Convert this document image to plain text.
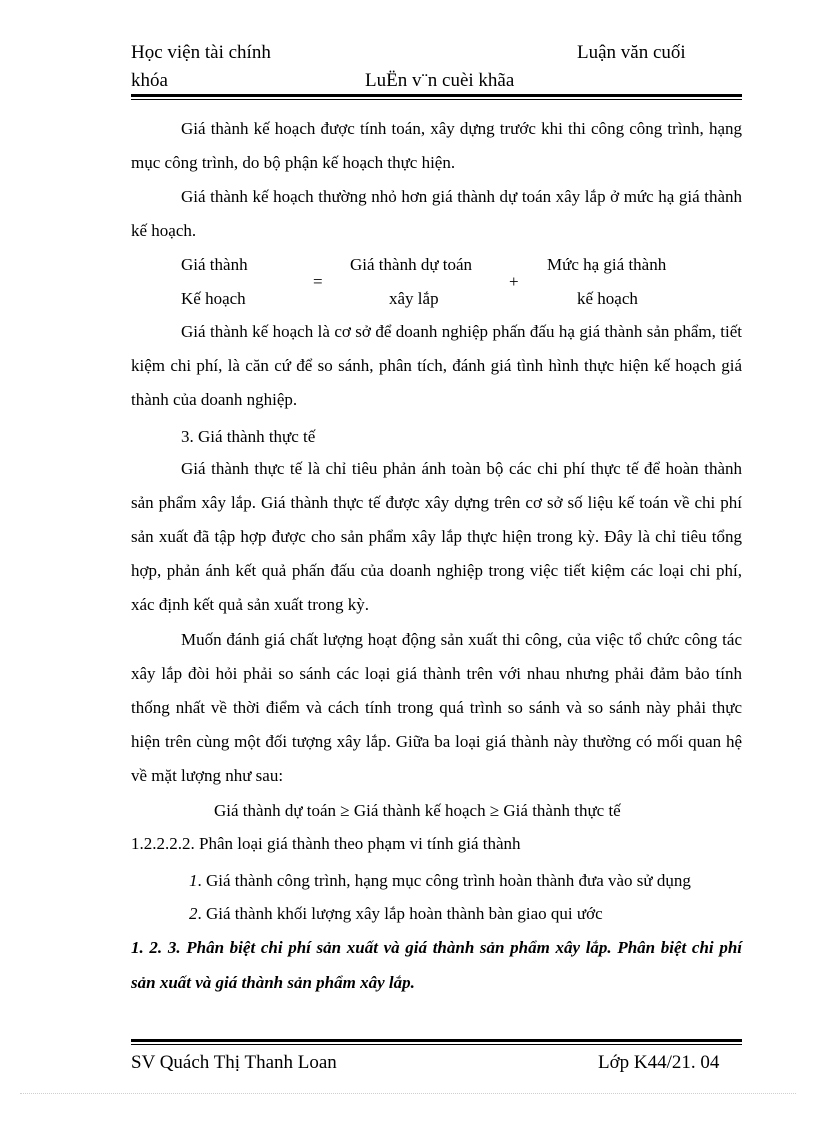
Học viện tài chính	Luận văn cuối
khóa	LuËn v¨n cuèi khãa
Giá thành kế hoạch được tính toán, xây dựng trước khi thi công công trình, hạng mục công trình, do bộ phận kế hoạch thực hiện.
Giá thành kế hoạch thường nhỏ hơn giá thành dự toán xây lắp ở mức hạ giá thành kế hoạch.
Giá thành
Kế hoạch
=
Giá thành dự toán
xây lắp
+
Mức hạ giá thành
kế hoạch
Giá thành kế hoạch là cơ sở để doanh nghiệp phấn đấu hạ giá thành sản phẩm, tiết kiệm chi phí, là căn cứ để so sánh, phân tích, đánh giá tình hình thực hiện kế hoạch giá thành của doanh nghiệp.
3. Giá thành thực tế
Giá thành thực tế là chỉ tiêu phản ánh toàn bộ các chi phí thực tế để hoàn thành sản phẩm xây lắp. Giá thành thực tế được xây dựng trên cơ sở số liệu kế toán về chi phí sản xuất đã tập hợp được cho sản phẩm xây lắp thực hiện trong kỳ. Đây là chỉ tiêu tổng hợp, phản ánh kết quả phấn đấu của doanh nghiệp trong việc tiết kiệm các loại chi phí, xác định kết quả sản xuất trong kỳ.
Muốn đánh giá chất lượng hoạt động sản xuất thi công, của việc tổ chức công tác xây lắp đòi hỏi phải so sánh các loại giá thành trên với nhau nhưng phải đảm bảo tính thống nhất về thời điểm và cách tính trong quá trình so sánh và so sánh này phải thực hiện trên cùng một đối tượng xây lắp. Giữa ba loại giá thành này thường có mối quan hệ về mặt lượng như sau:
Giá thành dự toán ≥ Giá thành kế hoạch ≥ Giá thành thực tế
1.2.2.2.2. Phân loại giá thành theo phạm vi tính giá thành
1. Giá thành công trình, hạng mục công trình hoàn thành đưa vào sử dụng
2. Giá thành khối lượng xây lắp hoàn thành bàn giao qui ước
1. 2. 3. Phân biệt chi phí sản xuất và giá thành sản phẩm xây lắp. Phân biệt chi phí sản xuất và giá thành sản phẩm xây lắp.
SV Quách Thị Thanh Loan	Lớp K44/21. 04
